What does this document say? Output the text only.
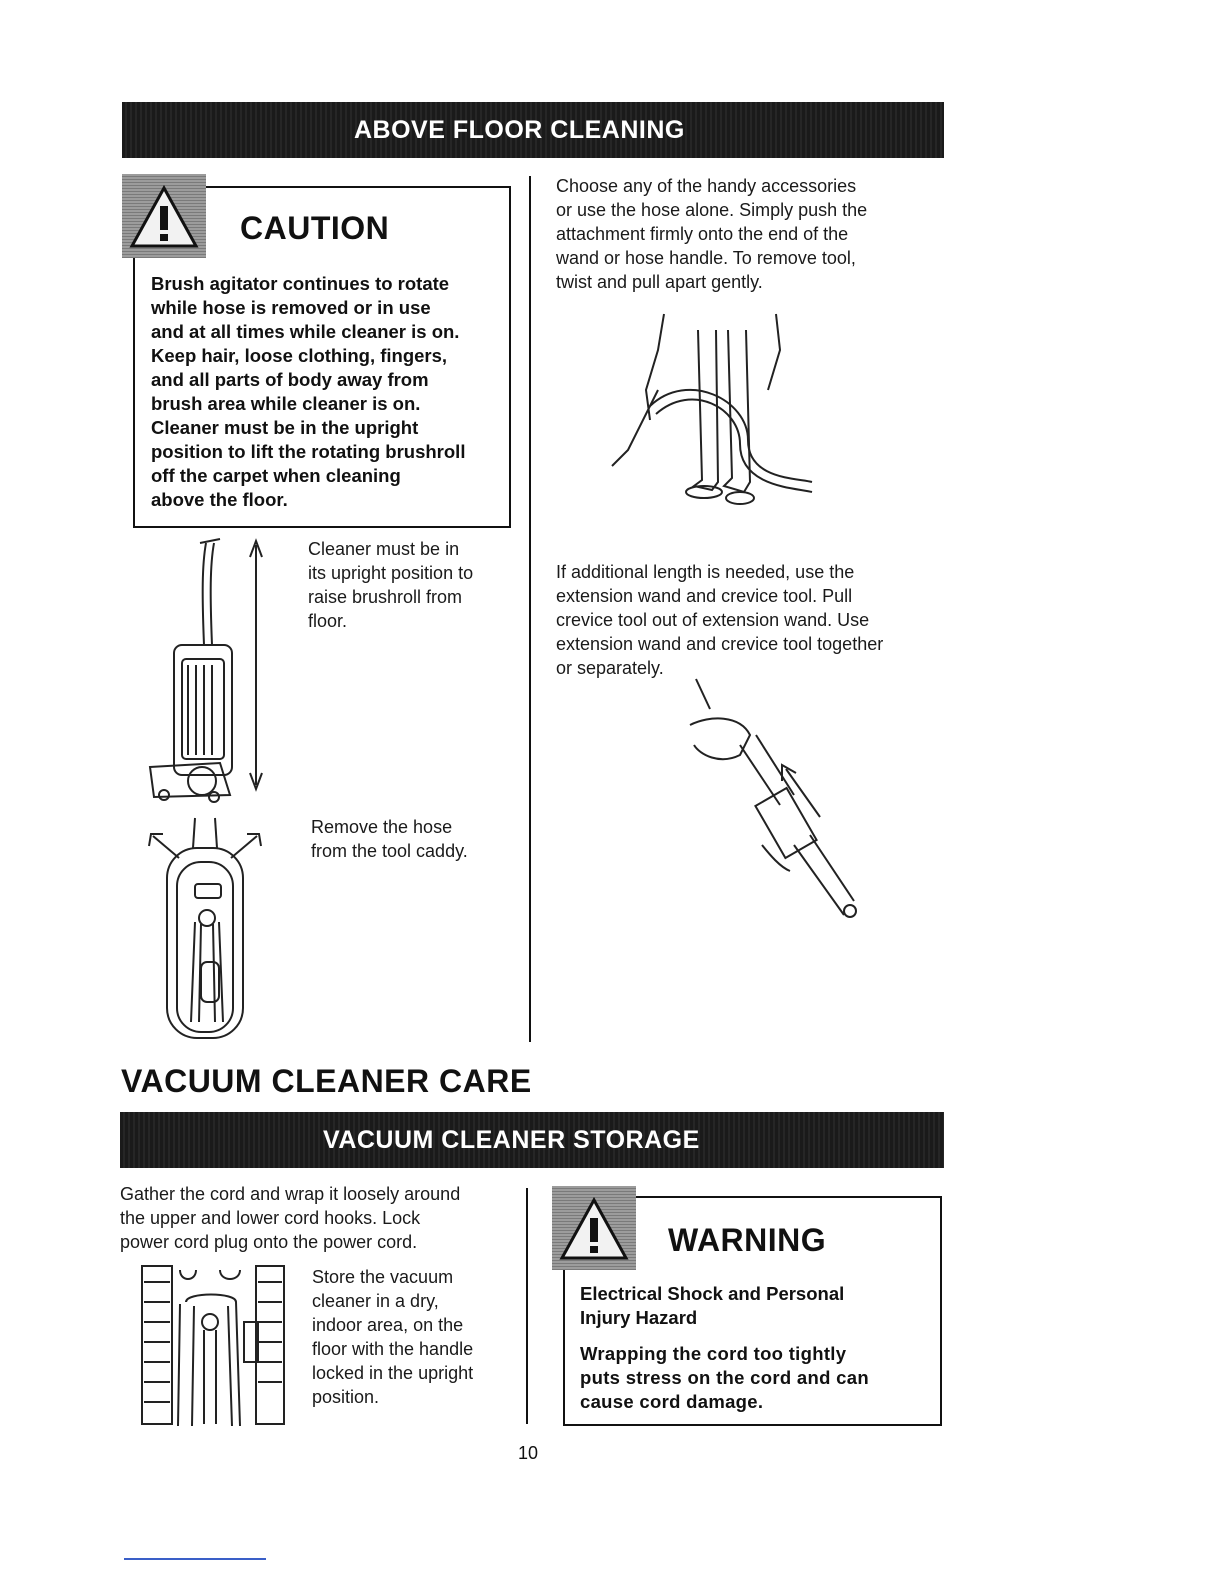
ABOVE FLOOR CLEANING
CAUTION
Brush agitator continues to rotate
while hose is removed or in use
and at all times while cleaner is on.
Keep hair, loose clothing, fingers,
and all parts of body away from
brush area while cleaner is on.
Cleaner must be in the upright
position to lift the rotating brushroll
off the carpet when cleaning
above the floor.
Cleaner must be in
its upright position to
raise brushroll from
floor.
Remove the hose
from the tool caddy.
Choose any of the handy accessories
or use the hose alone. Simply push the
attachment firmly onto the end of the
wand or hose handle. To remove tool,
twist and pull apart gently.
If additional length is needed, use the
extension wand and crevice tool. Pull
crevice tool out of extension wand. Use
extension wand and crevice tool together
or separately.
VACUUM CLEANER CARE
VACUUM CLEANER STORAGE
Gather the cord and wrap it loosely around
the upper and lower cord hooks. Lock
power cord plug onto the power cord.
Store the vacuum
cleaner in a dry,
indoor area, on the
floor with the handle
locked in the upright
position.
WARNING
Electrical Shock and Personal
Injury Hazard
Wrapping the cord too tightly
puts stress on the cord and can
cause cord damage.
10
